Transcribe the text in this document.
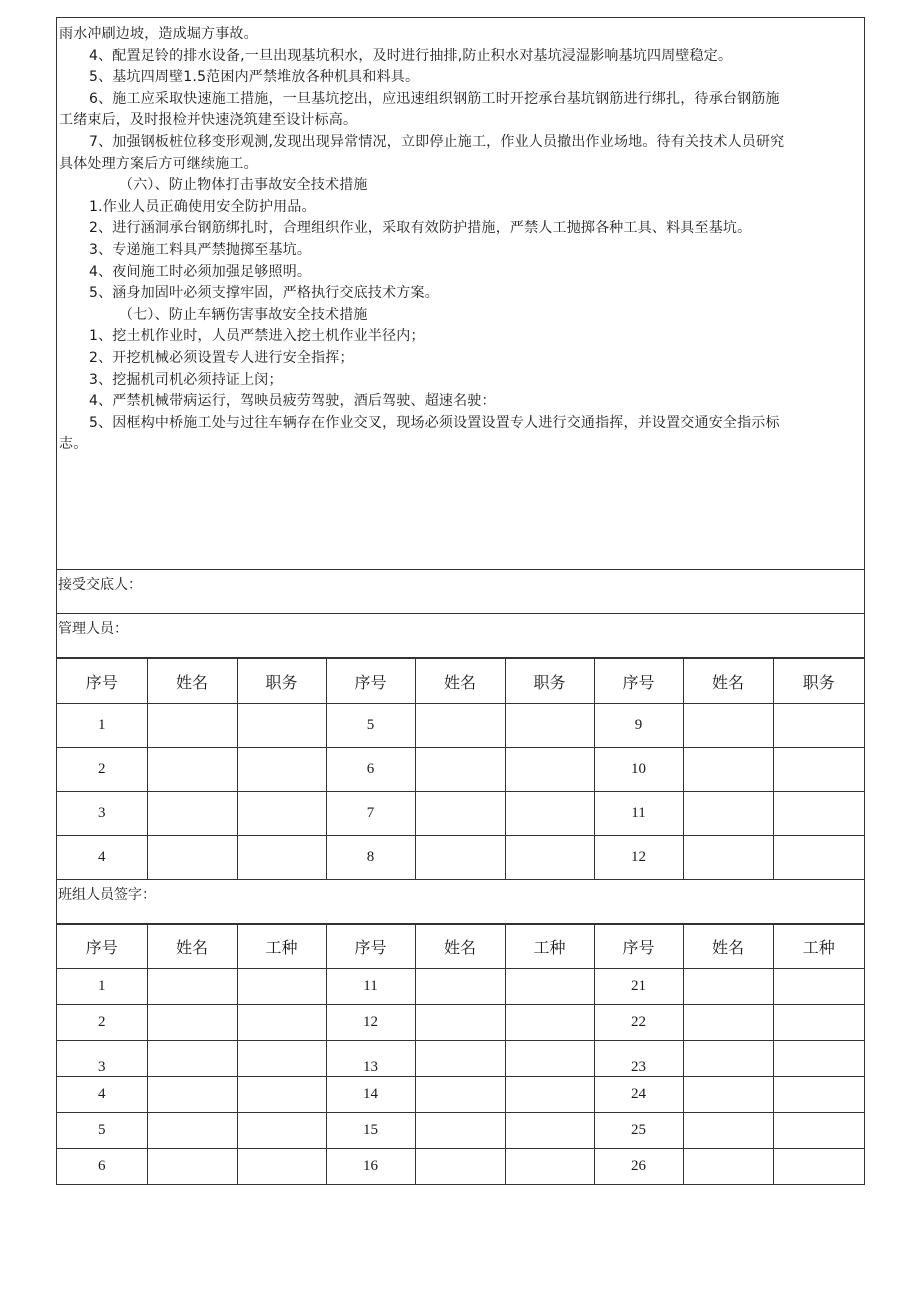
雨水冲刷边坡，造成堀方事故。
4、配置足铃的排水设备,一旦出现基坑积水，及时进行抽排,防止积水对基坑浸湿影响基坑四周壁稳定。
5、基坑四周壁1.5范困内严禁堆放各种机具和料具。
6、施工应采取快速施工措施，一旦基坑挖出，应迅速组织钢筋工时开挖承台基坑钢筋进行绑扎，待承台钢筋施
工绪束后，及时报检并快速浇筑建至设计标高。
7、加强钢板桩位移变形观测,发现出现异常情况，立即停止施工，作业人员撤出作业场地。待有关技术人员研究
具体处理方案后方可继续施工。
（六）、防止物体打击事故安全技术措施
1.作业人员正确使用安全防护用品。
2、进行涵洞承台钢筋绑扎时，合理组织作业，采取有效防护措施，严禁人工抛掷各种工具、料具至基坑。
3、专递施工料具严禁抛掷至基坑。
4、夜间施工时必须加强足够照明。
5、涵身加固叶必须支撑牢固，严格执行交底技术方案。
（七）、防止车辆伤害事故安全技术措施
1、挖土机作业时，人员严禁进入挖土机作业半径内；
2、开挖机械必须设置专人进行安全指挥；
3、挖掘机司机必须持证上闵；
4、严禁机械带病运行，驾映员疲劳驾驶，酒后驾驶、超速名驶：
5、因框构中桥施工处与过往车辆存在作业交叉，现场必须设置设置专人进行交通指挥，并设置交通安全指示标
志。
接受交底人：
管理人员：
序号	姓名	职务	序号	姓名	职务	序号	姓名	职务
1			5			9		
2			6			10		
3			7			11		
4			8			12		
班组人员签字：
序号	姓名	工种	序号	姓名	工种	序号	姓名	工种
1			11			21		
2			12			22		
3			13			23		
4			14			24		
5			15			25		
6			16			26		
